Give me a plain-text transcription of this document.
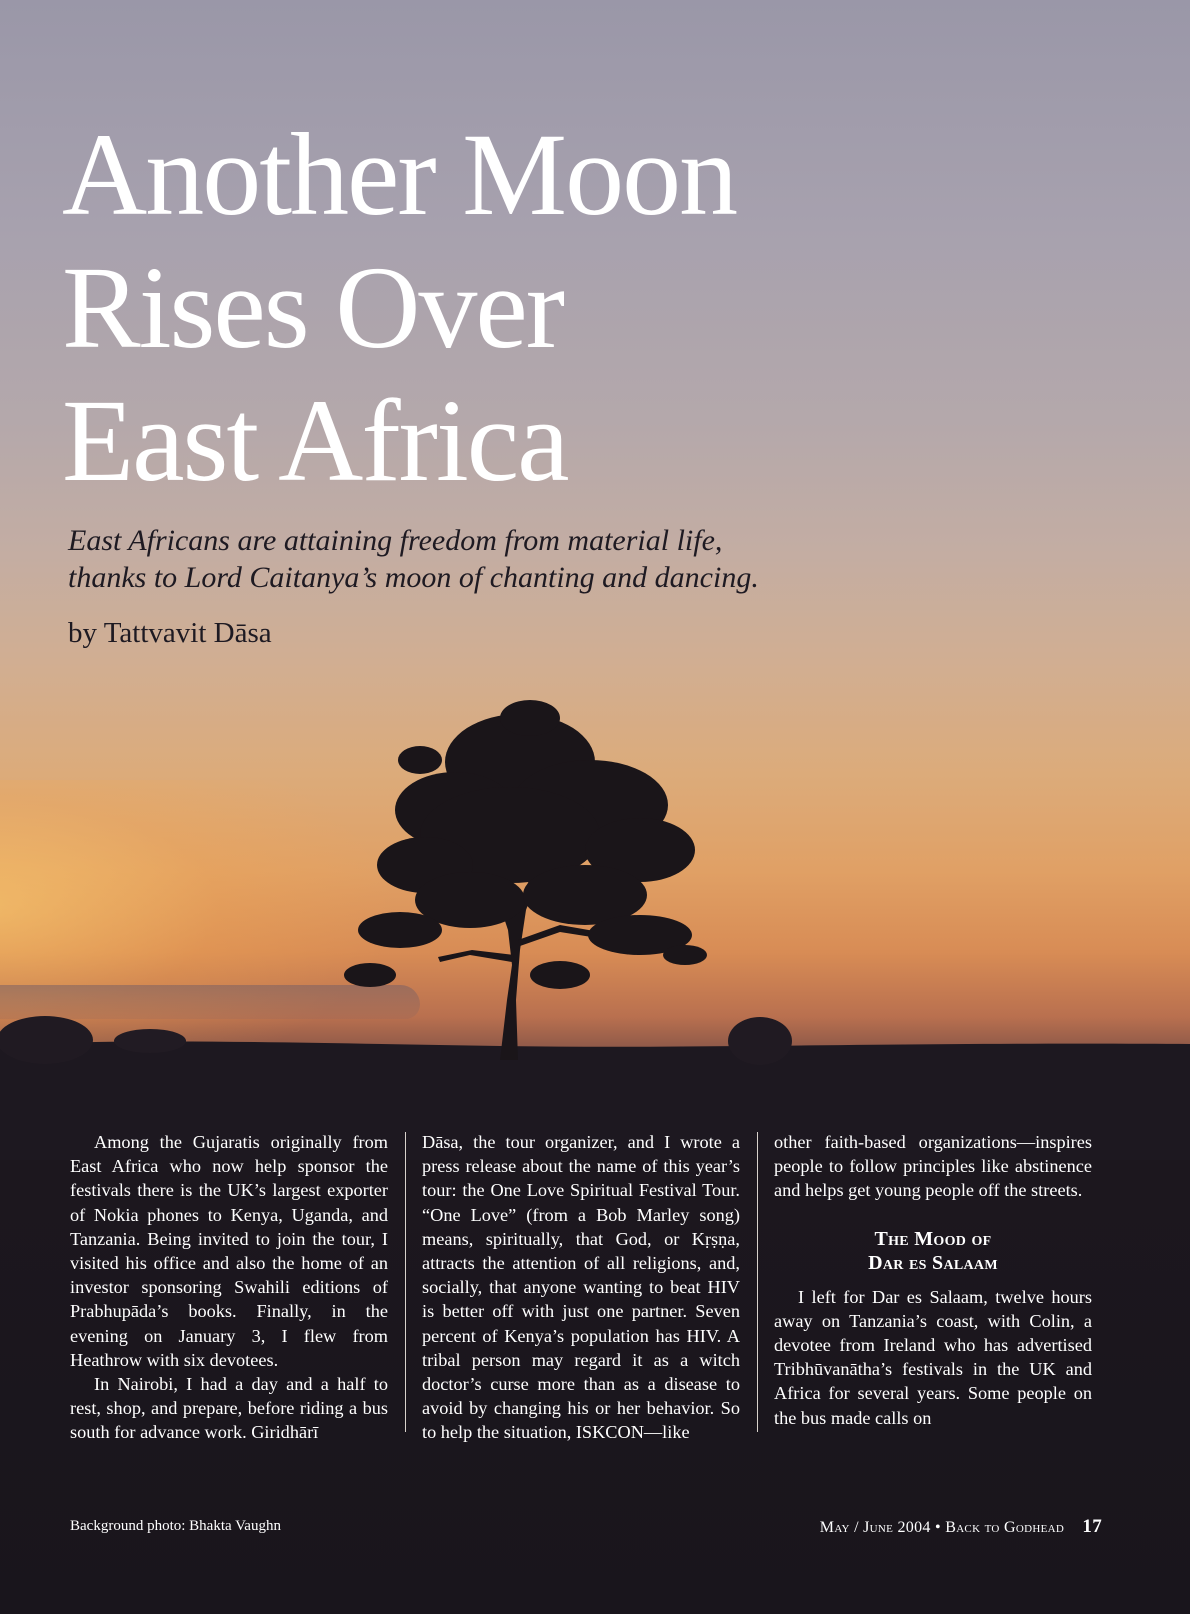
Another Moon
Rises Over
East Africa

East Africans are attaining freedom from material life,
thanks to Lord Caitanya’s moon of chanting and dancing.

by Tattvavit Dāsa

Among the Gujaratis originally from East Africa who now help sponsor the festivals there is the UK’s largest exporter of Nokia phones to Kenya, Uganda, and Tanzania. Being invited to join the tour, I visited his office and also the home of an investor sponsoring Swahili editions of Prabhupāda’s books. Finally, in the evening on January 3, I flew from Heathrow with six devotees.

In Nairobi, I had a day and a half to rest, shop, and prepare, before riding a bus south for advance work. Giridhārī

Dāsa, the tour organizer, and I wrote a press release about the name of this year’s tour: the One Love Spiritual Festival Tour. “One Love” (from a Bob Marley song) means, spiritually, that God, or Kṛṣṇa, attracts the attention of all religions, and, socially, that anyone wanting to beat HIV is better off with just one partner. Seven percent of Kenya’s population has HIV. A tribal person may regard it as a witch doctor’s curse more than as a disease to avoid by changing his or her behavior. So to help the situation, ISKCON—like

other faith-based organizations—inspires people to follow principles like abstinence and helps get young people off the streets.

The Mood of
Dar es Salaam

I left for Dar es Salaam, twelve hours away on Tanzania’s coast, with Colin, a devotee from Ireland who has advertised Tribhūvanātha’s festivals in the UK and Africa for several years. Some people on the bus made calls on

Background photo: Bhakta Vaughn	May / June 2004 • Back to Godhead 17
